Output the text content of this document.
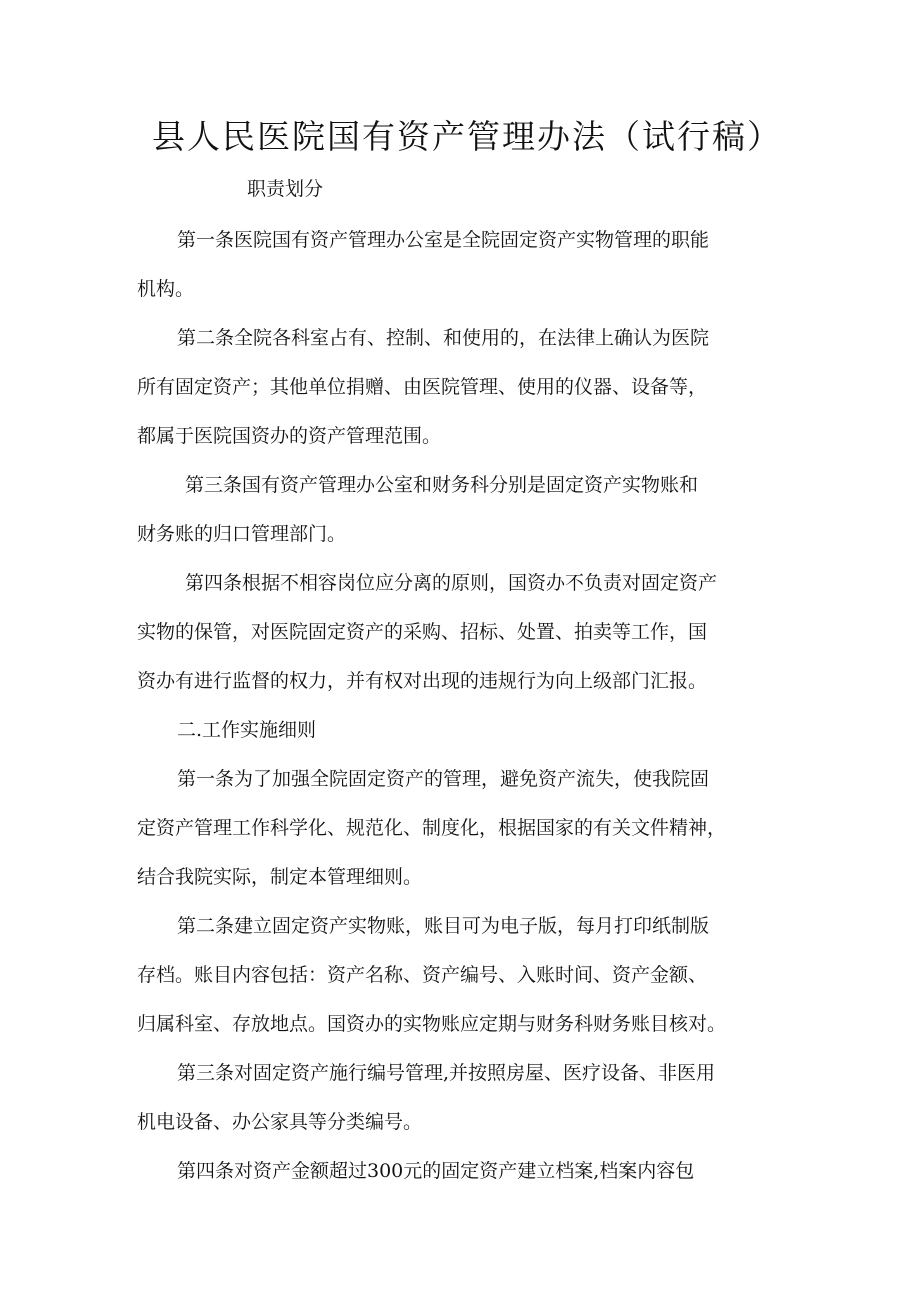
县人民医院国有资产管理办法（试行稿）
职责划分
第一条医院国有资产管理办公室是全院固定资产实物管理的职能
机构。
第二条全院各科室占有、控制、和使用的，在法律上确认为医院
所有固定资产；其他单位捐赠、由医院管理、使用的仪器、设备等，
都属于医院国资办的资产管理范围。
第三条国有资产管理办公室和财务科分别是固定资产实物账和
财务账的归口管理部门。
第四条根据不相容岗位应分离的原则，国资办不负责对固定资产
实物的保管，对医院固定资产的采购、招标、处置、拍卖等工作，国
资办有进行监督的权力，并有权对出现的违规行为向上级部门汇报。
二.工作实施细则
第一条为了加强全院固定资产的管理，避免资产流失，使我院固
定资产管理工作科学化、规范化、制度化，根据国家的有关文件精神，
结合我院实际，制定本管理细则。
第二条建立固定资产实物账，账目可为电子版，每月打印纸制版
存档。账目内容包括：资产名称、资产编号、入账时间、资产金额、
归属科室、存放地点。国资办的实物账应定期与财务科财务账目核对。
第三条对固定资产施行编号管理,并按照房屋、医疗设备、非医用
机电设备、办公家具等分类编号。
第四条对资产金额超过300元的固定资产建立档案,档案内容包
